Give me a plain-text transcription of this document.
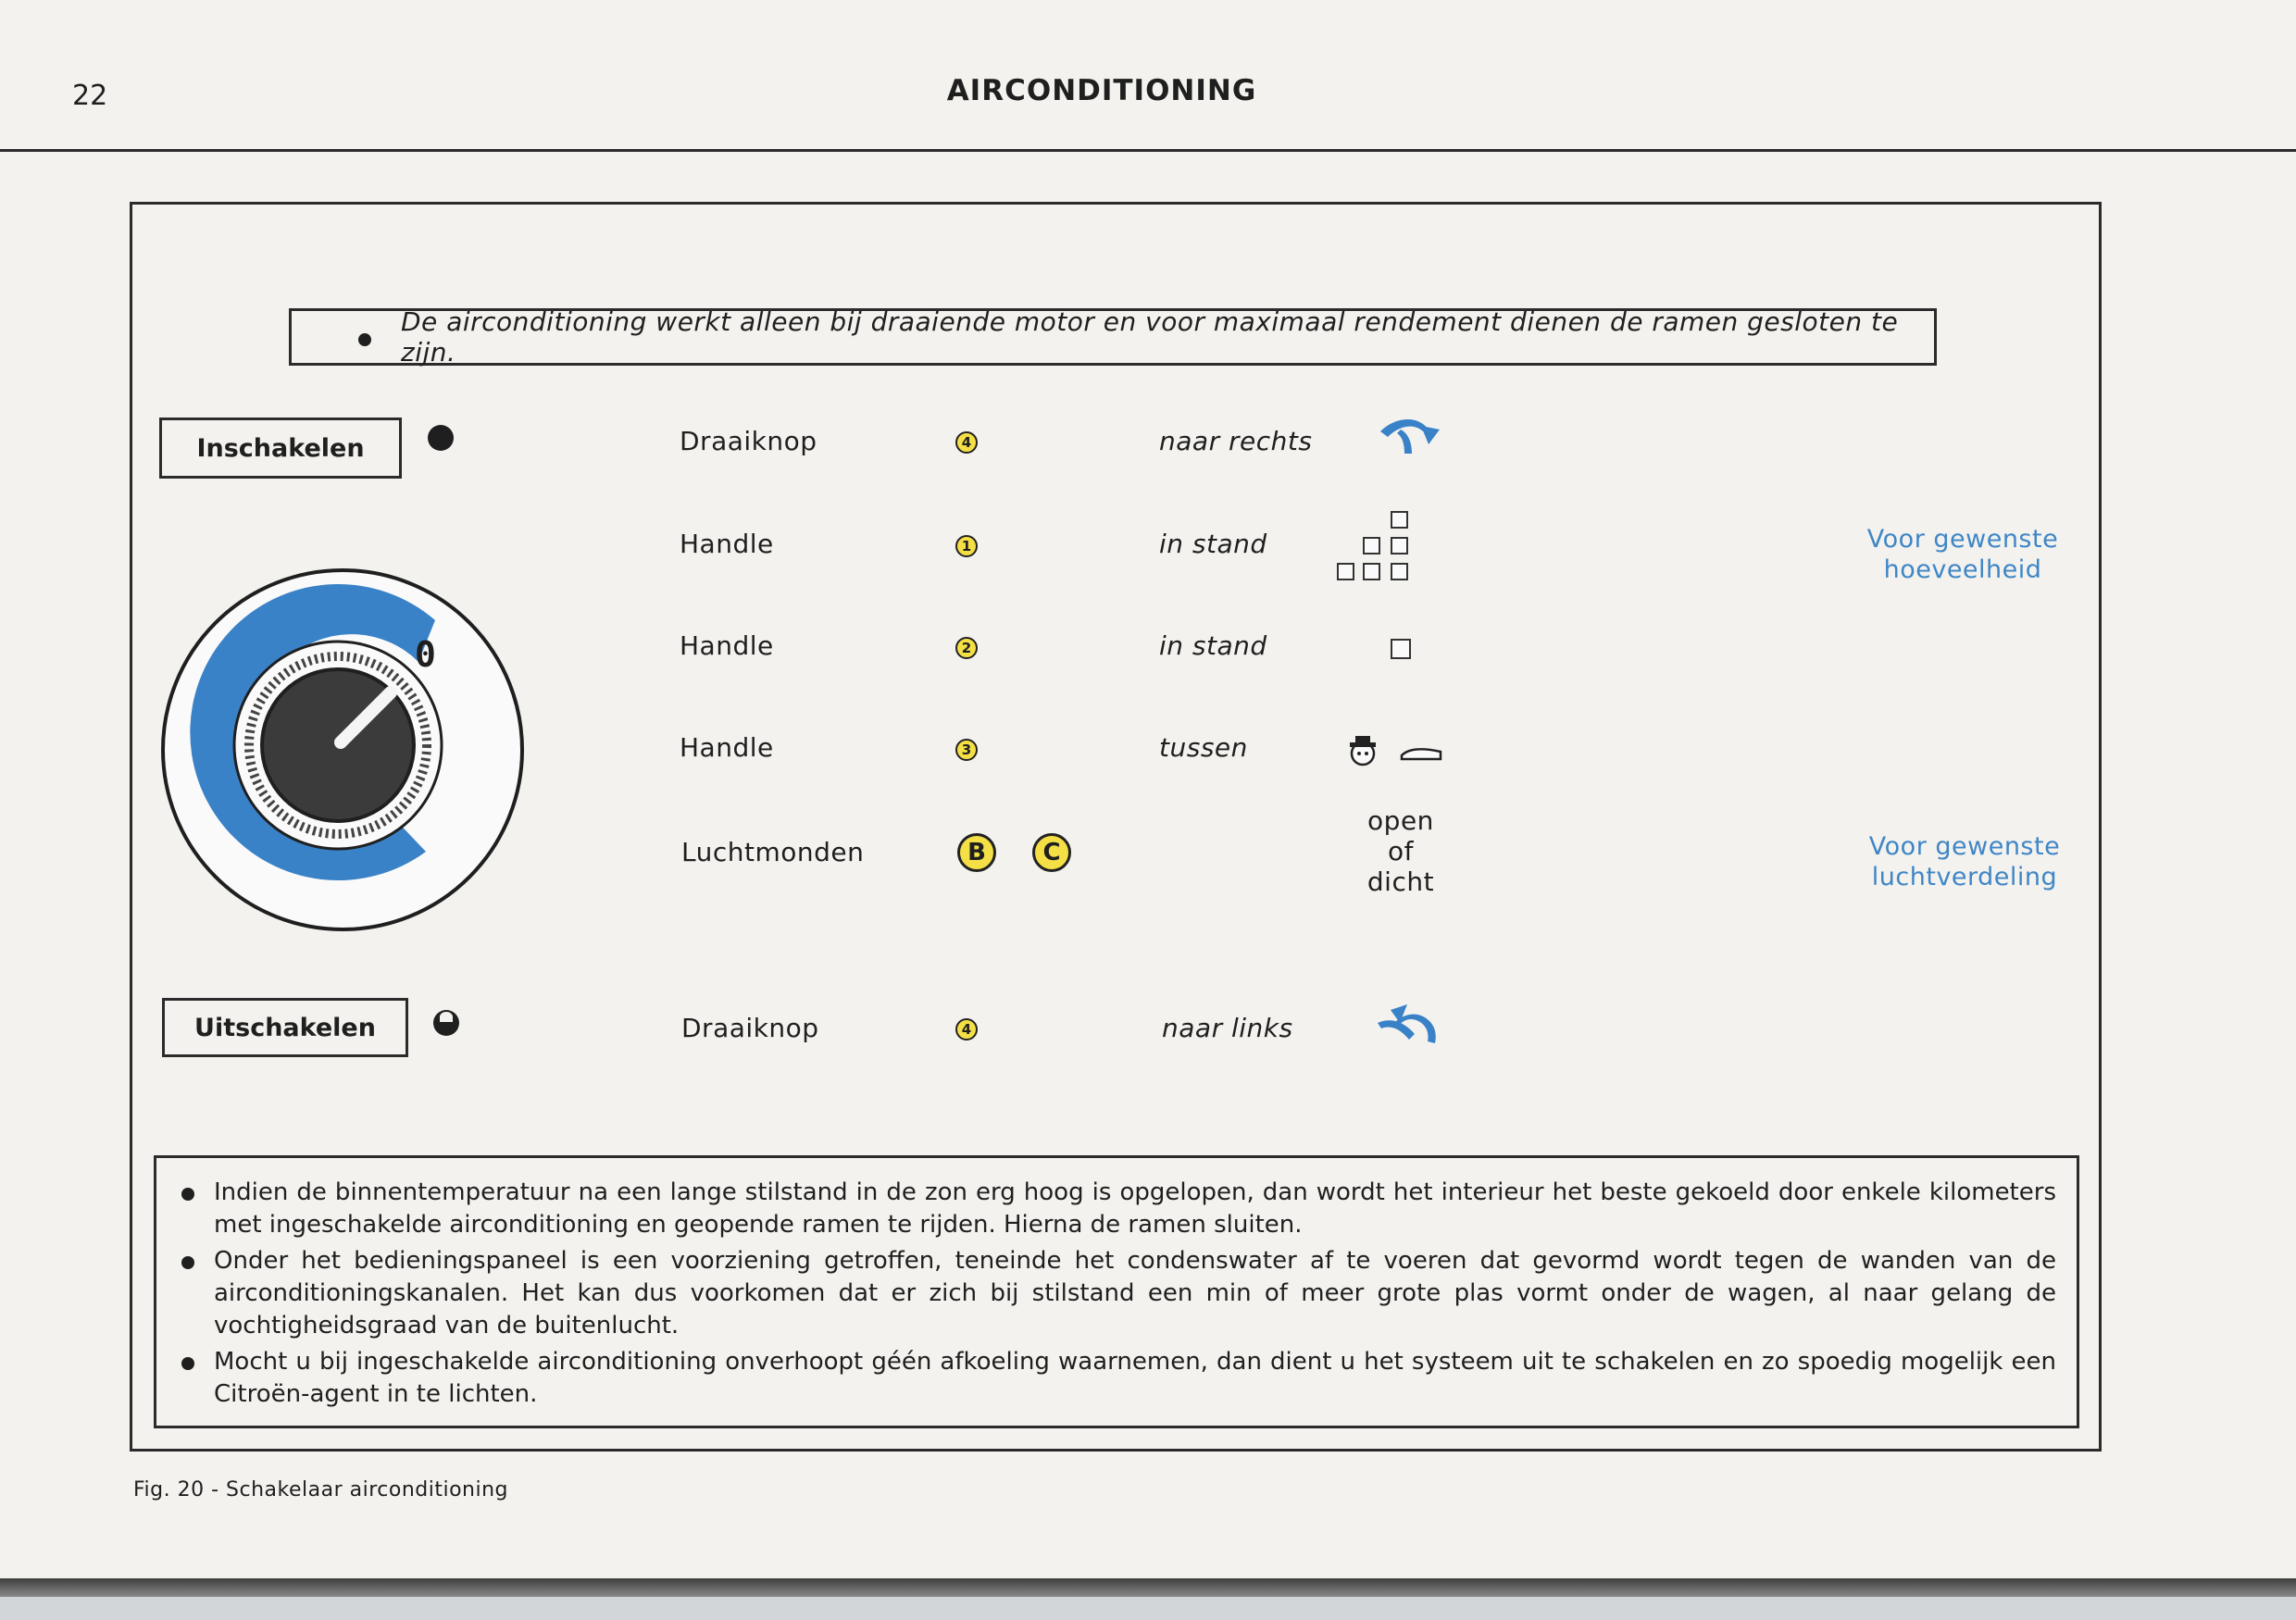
22	AIRCONDITIONING
De airconditioning werkt alleen bij draaiende motor en voor maximaal rendement dienen de ramen gesloten te zijn.
Inschakelen
Uitschakelen
0
Draaiknop	4	naar rechts
Handle	1	in stand
Handle	2	in stand
Handle	3	tussen
Luchtmonden	B	C
open
of
dicht
Draaiknop	4	naar links
Voor gewenste
hoeveelheid
Voor gewenste
luchtverdeling
Indien de binnentemperatuur na een lange stilstand in de zon erg hoog is opgelopen, dan wordt het interieur het beste gekoeld door enkele kilometers met ingeschakelde airconditioning en geopende ramen te rijden. Hierna de ramen sluiten.
Onder het bedieningspaneel is een voorziening getroffen, teneinde het condenswater af te voeren dat gevormd wordt tegen de wanden van de airconditioningskanalen. Het kan dus voorkomen dat er zich bij stilstand een min of meer grote plas vormt onder de wagen, al naar gelang de vochtigheidsgraad van de buitenlucht.
Mocht u bij ingeschakelde airconditioning onverhoopt géén afkoeling waarnemen, dan dient u het systeem uit te schakelen en zo spoedig mogelijk een Citroën-agent in te lichten.
Fig. 20 - Schakelaar airconditioning
